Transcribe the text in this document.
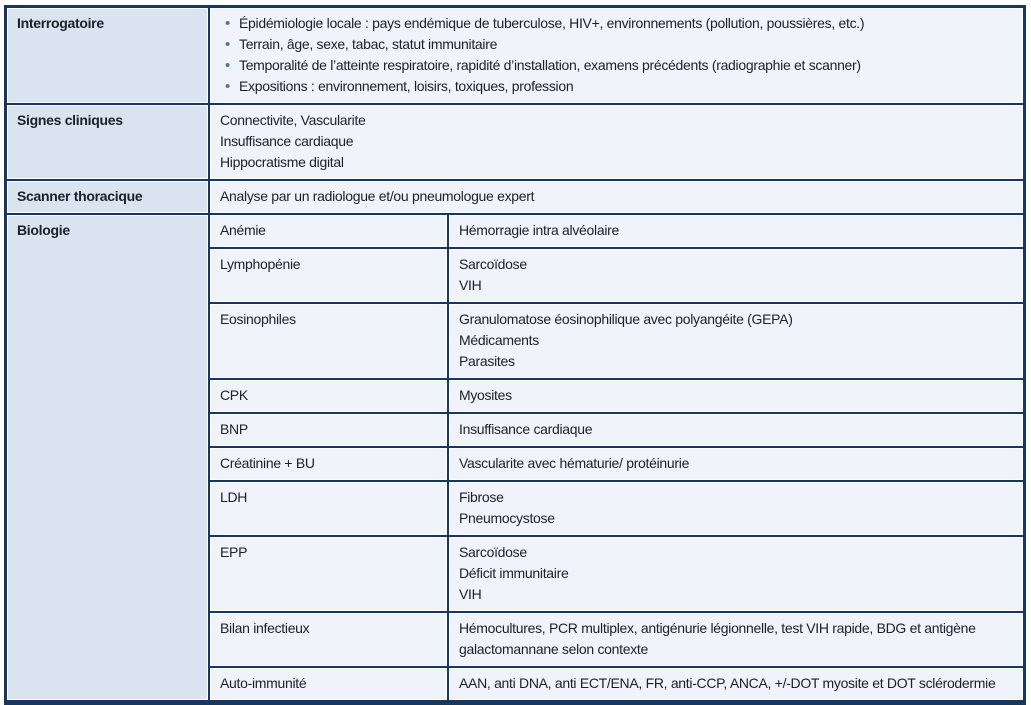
Interrogatoire	• Épidémiologie locale : pays endémique de tuberculose, HIV+, environnements (pollution, poussières, etc.)
• Terrain, âge, sexe, tabac, statut immunitaire
• Temporalité de l’atteinte respiratoire, rapidité d’installation, examens précédents (radiographie et scanner)
• Expositions : environnement, loisirs, toxiques, profession
Signes cliniques	Connectivite, Vascularite
Insuffisance cardiaque
Hippocratisme digital
Scanner thoracique	Analyse par un radiologue et/ou pneumologue expert
Biologie	Anémie	Hémorragie intra alvéolaire
Lymphopénie	Sarcoïdose
VIH
Eosinophiles	Granulomatose éosinophilique avec polyangéite (GEPA)
Médicaments
Parasites
CPK	Myosites
BNP	Insuffisance cardiaque
Créatinine + BU	Vascularite avec hématurie/ protéinurie
LDH	Fibrose
Pneumocystose
EPP	Sarcoïdose
Déficit immunitaire
VIH
Bilan infectieux	Hémocultures, PCR multiplex, antigénurie légionnelle, test VIH rapide, BDG et antigène galactomannane selon contexte
Auto-immunité	AAN, anti DNA, anti ECT/ENA, FR, anti-CCP, ANCA, +/-DOT myosite et DOT sclérodermie
